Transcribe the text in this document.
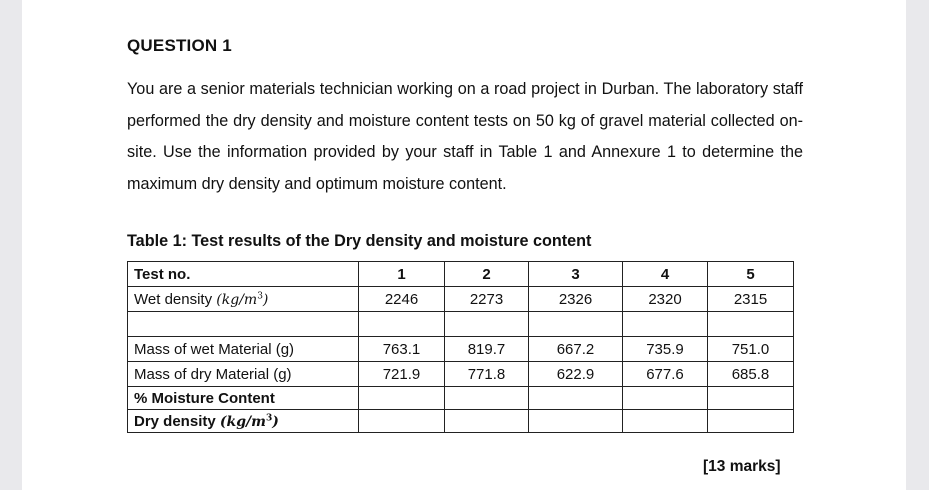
QUESTION 1
You are a senior materials technician working on a road project in Durban. The laboratory staff performed the dry density and moisture content tests on 50 kg of gravel material collected on-site. Use the information provided by your staff in Table 1 and Annexure 1 to determine the maximum dry density and optimum moisture content.
Table 1: Test results of the Dry density and moisture content
Test no.	1	2	3	4	5
Wet density $(kg/m^3)$	2246	2273	2326	2320	2315

Mass of wet Material (g)	763.1	819.7	667.2	735.9	751.0
Mass of dry Material (g)	721.9	771.8	622.9	677.6	685.8
% Moisture Content					
Dry density $(kg/m^3)$					
[13 marks]
